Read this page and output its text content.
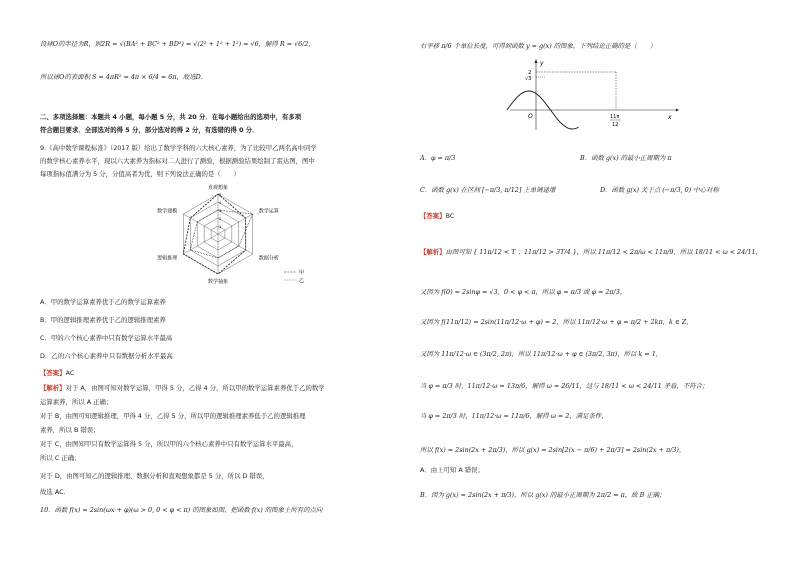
设球O的半径为R，则2R = √(BA² + BC² + BD²) = √(2² + 1² + 1²) = √6，解得 R = √6/2，
所以球O的表面积 S = 4πR² = 4π × 6/4 = 6π，故选D.
二、多项选择题：本题共 4 小题，每小题 5 分，共 20 分．在每小题给出的选项中，有多项
符合题目要求．全部选对的得 5 分，部分选对的得 2 分，有选错的得 0 分．
9.《高中数学课程标准》（2017 版）给出了数学学科的六大核心素养，为了比较甲乙两名高中同学
的数学核心素养水平，现以六大素养为指标对二人进行了测验，根据测验结果绘制了雷达图，图中
每项指标值满分为 5 分，分值高者为优，则下列说法正确的是（　　）
1
2
3
4
5
直观想象
数学运算
数据分析
数学抽象
逻辑推理
数学建模
甲
乙
A．甲的数学运算素养优于乙的数学运算素养
B．甲的逻辑推理素养优于乙的逻辑推理素养
C．甲的六个核心素养中只有数学运算水平最高
D．乙的六个核心素养中只有数据分析水平最高
【答案】AC
【解析】对于 A，由图可知对数学运算，甲得 5 分，乙得 4 分，所以甲的数学运算素养优于乙的数学
运算素养，所以 A 正确；
对于 B，由图可知逻辑推理，甲得 4 分，乙得 5 分，所以甲的逻辑推理素养低于乙的逻辑推理
素养，所以 B 错误；
对于 C，由图知甲只有数学运算得 5 分，所以甲的六个核心素养中只有数学运算水平最高，
所以 C 正确；
对于 D，由图可知乙的逻辑推理、数据分析和直观想象都是 5 分，所以 D 错误，
故选 AC.
10．函数 f(x) = 2sin(ωx + φ)(ω > 0, 0 < φ < π) 的图象如图，把函数 f(x) 的图象上所有的点向
右平移 π/6 个单位长度，可得到函数 y = g(x) 的图象，下列结论正确的是（　　）
y
x
O
2
√3
11π
12
A．φ = π/3	B．函数 g(x) 的最小正周期为 π
C．函数 g(x) 在区间 [−π/3, π/12] 上单调递增	D．函数 g(x) 关于点 (−π/3, 0) 中心对称
【答案】BC
【解析】由图可知 { 11π/12 < T ；11π/12 > 3T/4 }，所以 11π/12 < 2π/ω < 11π/9，所以 18/11 < ω < 24/11，
又因为 f(0) = 2sinφ = √3，0 < φ < π，所以 φ = π/3 或 φ = 2π/3，
又因为 f(11π/12) = 2sin(11π/12·ω + φ) = 2，所以 11π/12·ω + φ = π/2 + 2kπ，k ∈ Z，
又因为 11π/12·ω ∈ (3π/2, 2π)，所以 11π/12·ω + φ ∈ (3π/2, 3π)，所以 k = 1，
当 φ = π/3 时，11π/12·ω = 13π/6，解得 ω = 26/11，这与 18/11 < ω < 24/11 矛盾，不符合；
当 φ = 2π/3 时，11π/12·ω = 11π/6，解得 ω = 2，满足条件，
所以 f(x) = 2sin(2x + 2π/3)，所以 g(x) = 2sin[2(x − π/6) + 2π/3] = 2sin(2x + π/3)，
A．由上可知 A 错误；
B．因为 g(x) = 2sin(2x + π/3)，所以 g(x) 的最小正周期为 2π/2 = π，故 B 正确；
